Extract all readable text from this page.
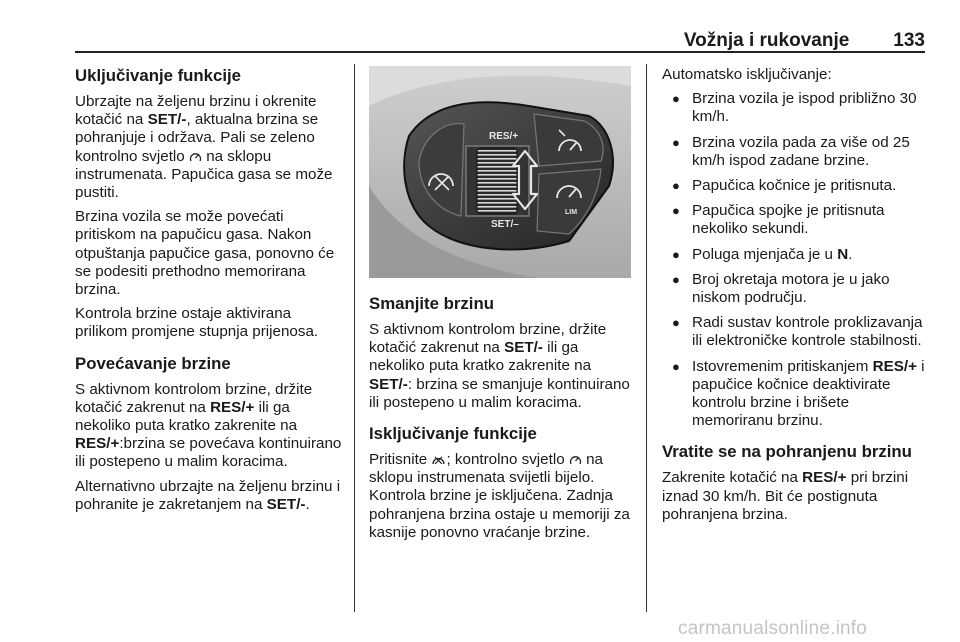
Vožnja i rukovanje 133
Uključivanje funkcije

Ubrzajte na željenu brzinu i okrenite kotačić na SET/-, aktualna brzina se pohranjuje i održava. Pali se zeleno kontrolno svjetlo  na sklopu instrumenata. Papučica gasa se može pustiti.

Brzina vozila se može povećati pritiskom na papučicu gasa. Nakon otpuštanja papučice gasa, ponovno će se podesiti prethodno memorirana brzina.

Kontrola brzine ostaje aktivirana prilikom promjene stupnja prijenosa.

Povećavanje brzine

S aktivnom kontrolom brzine, držite kotačić zakrenut na RES/+ ili ga nekoliko puta kratko zakrenite na RES/+:brzina se povećava kontinuirano ili postepeno u malim koracima.

Alternativno ubrzajte na željenu brzinu i pohranite je zakretanjem na SET/-.

RES/+
SET/–
LIM
Smanjite brzinu

S aktivnom kontrolom brzine, držite kotačić zakrenut na SET/- ili ga nekoliko puta kratko zakrenite na SET/-: brzina se smanjuje kontinuirano ili postepeno u malim koracima.

Isključivanje funkcije

Pritisnite ; kontrolno svjetlo  na sklopu instrumenata svijetli bijelo. Kontrola brzine je isključena. Zadnja pohranjena brzina ostaje u memoriji za kasnije ponovno vraćanje brzine.

Automatsko isključivanje:

● Brzina vozila je ispod približno 30 km/h.
● Brzina vozila pada za više od 25 km/h ispod zadane brzine.
● Papučica kočnice je pritisnuta.
● Papučica spojke je pritisnuta nekoliko sekundi.
● Poluga mjenjača je u N.
● Broj okretaja motora je u jako niskom području.
● Radi sustav kontrole proklizavanja ili elektroničke kontrole stabilnosti.
● Istovremenim pritiskanjem RES/+ i papučice kočnice deaktivirate kontrolu brzine i brišete memoriranu brzinu.
Vratite se na pohranjenu brzinu

Zakrenite kotačić na RES/+ pri brzini iznad 30 km/h. Bit će postignuta pohranjena brzina.

carmanualsonline.info
